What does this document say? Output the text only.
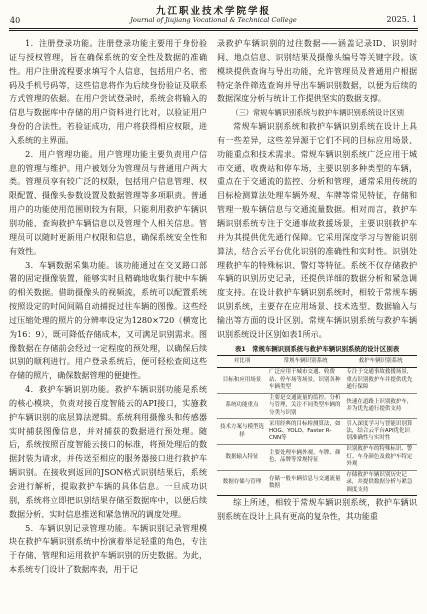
九江职业技术学院学报
40	Journal of Jiujiang Vocational & Technical College	2025. 1

1．注册登录功能。注册登录功能主要用于身份验证与授权管理，旨在确保系统的安全性及数据的准确性。用户注册流程要求填写个人信息，包括用户名、密码及手机号码等，这些信息将作为后续身份验证及联系方式管理的依据。在用户尝试登录时，系统会将输入的信息与数据库中存储的用户资料进行比对，以验证用户身份的合法性。若验证成功，用户将获得相应权限，进入系统的主界面。

2．用户管理功能。用户管理功能主要负责用户信息的管理与维护。用户被划分为管理员与普通用户两大类。管理员享有较广泛的权限，包括用户信息管理、权限配置、摄像头参数设置及数据管理等多项职责。普通用户的功能使用范围则较为有限，只能利用救护车辆识别功能、查询救护车辆信息以及管理个人相关信息。管理员可以随时更新用户权限和信息，确保系统安全性和有效性。

3．车辆数据采集功能。该功能通过在交叉路口部署的固定摄像装置，能够实时且精确地收集行驶中车辆的相关数据。借助摄像头的视频流，系统可以配置系统按照设定的时间间隔自动捕捉过往车辆的图像。这些经过压缩处理的照片的分辨率设定为1280×720（横宽比为16：9），既可降低存储成本，又可满足识别需求。图像数据在存储前会经过一定程度的预处理，以确保后续识别的顺利进行。用户登录系统后，便可轻松查阅这些存储的照片，确保数据管理的便捷性。

4．救护车辆识别功能。救护车辆识别功能是系统的核心模块，负责对接百度智能云的API接口，实施救护车辆识别的底层算法逻辑。系统利用摄像头和传感器实时捕获图像信息，并对捕获的数据进行预处理。随后，系统按照百度智能云接口的标准，将预处理后的数据封装为请求，并传送至相应的服务器接口进行救护车辆识别。在接收到返回的JSON格式识别结果后，系统会进行解析，提取救护车辆的具体信息。一旦成功识别，系统将立即把识别结果存储至数据库中，以便后续数据分析、实时信息推送和紧急情况的调度处理。

5．车辆识别记录管理功能。车辆识别记录管理模块在救护车辆识别系统中扮演着举足轻重的角色，专注于存储、管理和运用救护车辆识别的历史数据。为此，本系统专门设计了数据库表，用于记

录救护车辆识别的过往数据——涵盖记录ID、识别时间、地点信息、识别结果及摄像头编号等关键字段。该模块提供查询与导出功能，允许管理员及普通用户根据特定条件筛选查询并导出车辆识别数据，以便为后续的数据深度分析与统计工作提供坚实的数据支撑。

（三）常规车辆识别系统与救护车辆识别系统设计区别

常规车辆识别系统和救护车辆识别系统在设计上具有一些差异，这些差异源于它们不同的目标应用场景、功能重点和技术需求。常规车辆识别系统广泛应用于城市交通、收费站和停车场，主要识别多种类型的车辆，重点在于交通流的监控、分析和管理，通常采用传统的目标检测算法处理车辆外观、车牌等常见特征，存储和管理一般车辆信息与交通流量数据。相对而言，救护车辆识别系统专注于交通事故救援场景，主要识别救护车并为其提供优先通行保障。它采用深度学习与智能识别算法，结合云平台优化识别的准确性和实时性。识别处理救护车的特殊标识、警灯等特征。系统不仅存储救护车辆的识别历史记录，还提供详细的数据分析和紧急调度支持。在设计救护车辆识别系统时，相较于常规车辆识别系统，主要存在应用场景、技术选型、数据输入与输出等方面的设计区别。常规车辆识别系统与救护车辆识别系统设计区别如表1所示。

表1　常规车辆识别系统与救护车辆识别系统的设计区别表
对比项	常规车辆识别系统	救护车辆识别系统
目标和应用场景	广泛应用于城市交通、收费站、停车场等场景，识别各种车辆类型	专注于交通事故救援场景，重点识别救护车并提供优先通行保障
系统功能重点	主要是交通流量的监控、分析与管理，关注不同类型车辆的分类与识别	快速在道路上识别救护车，并为优先通行提供支持
技术方案与模型选择	采用经典的目标检测算法，如HOG、YOLO、Faster R-CNN等	引入深度学习与智能识别算法，结合云平台API优化识别准确性与实时性
数据输入特征	主要处理车辆外观、车牌、颜色、品牌等常规特征	识别救护车的特殊标识、警灯、车身颜色及救护车特定外观
数据存储与管理	存储一般车辆信息与交通流量数据	存储救护车辆识别历史记录，并提供数据分析与紧急调度支持

综上所述，相较于常规车辆识别系统，救护车辆识别系统在设计上具有更高的复杂性，其功能重
